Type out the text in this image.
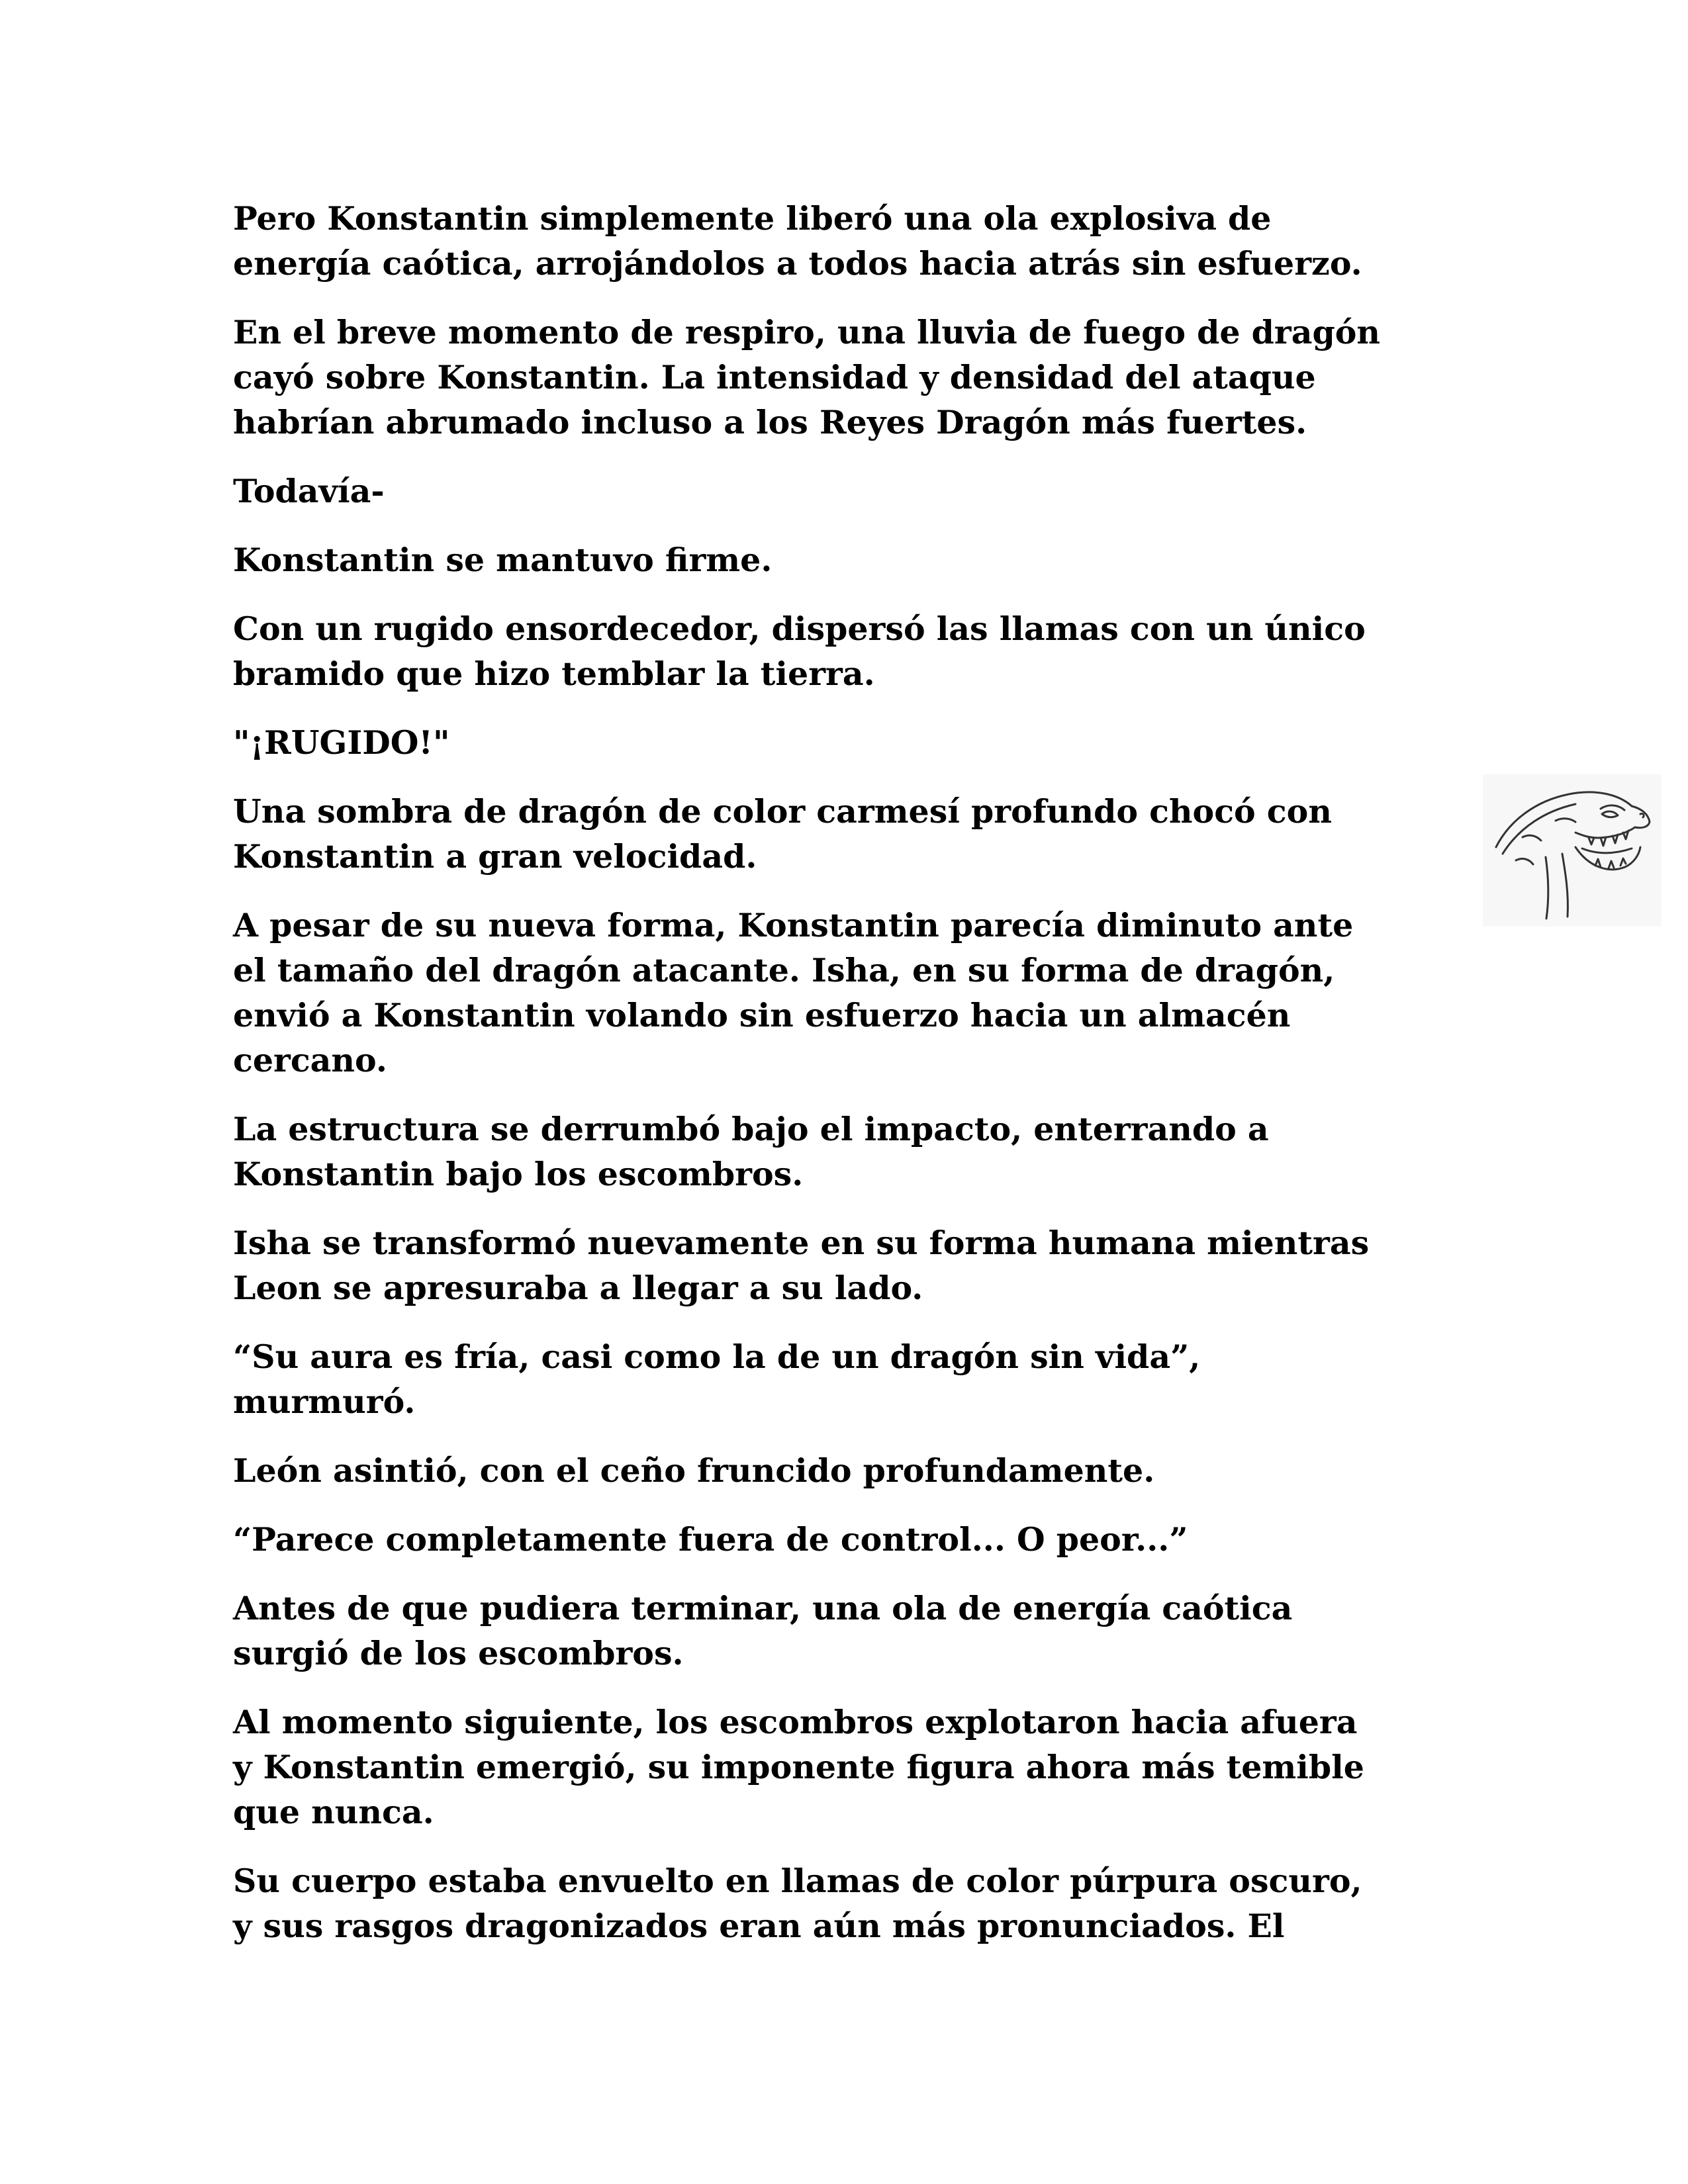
Pero Konstantin simplemente liberó una ola explosiva de
energía caótica, arrojándolos a todos hacia atrás sin esfuerzo.

En el breve momento de respiro, una lluvia de fuego de dragón
cayó sobre Konstantin. La intensidad y densidad del ataque
habrían abrumado incluso a los Reyes Dragón más fuertes.

Todavía-

Konstantin se mantuvo firme.

Con un rugido ensordecedor, dispersó las llamas con un único
bramido que hizo temblar la tierra.

"¡RUGIDO!"

Una sombra de dragón de color carmesí profundo chocó con
Konstantin a gran velocidad.

A pesar de su nueva forma, Konstantin parecía diminuto ante
el tamaño del dragón atacante. Isha, en su forma de dragón,
envió a Konstantin volando sin esfuerzo hacia un almacén
cercano.

La estructura se derrumbó bajo el impacto, enterrando a
Konstantin bajo los escombros.

Isha se transformó nuevamente en su forma humana mientras
Leon se apresuraba a llegar a su lado.

“Su aura es fría, casi como la de un dragón sin vida”,
murmuró.

León asintió, con el ceño fruncido profundamente.

“Parece completamente fuera de control... O peor...”

Antes de que pudiera terminar, una ola de energía caótica
surgió de los escombros.

Al momento siguiente, los escombros explotaron hacia afuera
y Konstantin emergió, su imponente figura ahora más temible
que nunca.

Su cuerpo estaba envuelto en llamas de color púrpura oscuro,
y sus rasgos dragonizados eran aún más pronunciados. El
